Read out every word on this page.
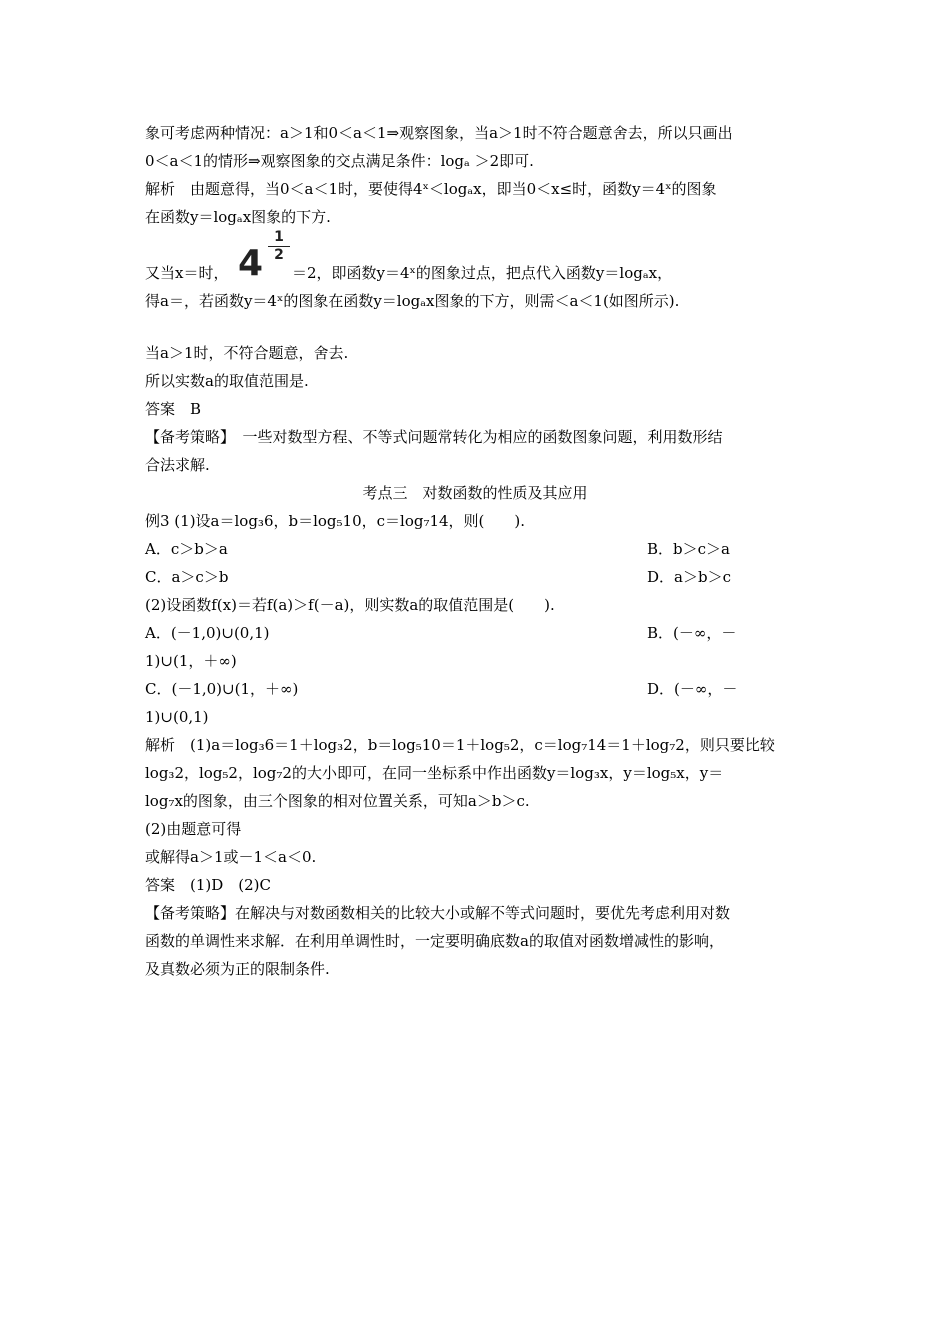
象可考虑两种情况：a＞1和0＜a＜1⇒观察图象，当a＞1时不符合题意舍去，所以只画出
0＜a＜1的情形⇒观察图象的交点满足条件：logₐ ＞2即可.
解析　由题意得，当0＜a＜1时，要使得4ˣ＜logₐx，即当0＜x≤时，函数y＝4ˣ的图象
在函数y＝logₐx图象的下方.
又当x＝时， 4
1
2
＝2，即函数y＝4ˣ的图象过点，把点代入函数y＝logₐx，
得a＝，若函数y＝4ˣ的图象在函数y＝logₐx图象的下方，则需＜a＜1(如图所示).
当a＞1时，不符合题意，舍去.
所以实数a的取值范围是.
答案　B
【备考策略】　一些对数型方程、不等式问题常转化为相应的函数图象问题，利用数形结
合法求解.
考点三　对数函数的性质及其应用
例3 (1)设a＝log₃6，b＝log₅10，c＝log₇14，则(　　).
A．c＞b＞a	B．b＞c＞a
C．a＞c＞b	D．a＞b＞c
(2)设函数f(x)＝若f(a)＞f(－a)，则实数a的取值范围是(　　).
A．(－1,0)∪(0,1)	B．(－∞，－
1)∪(1，＋∞)
C．(－1,0)∪(1，＋∞)	D．(－∞，－
1)∪(0,1)
解析　(1)a＝log₃6＝1＋log₃2，b＝log₅10＝1＋log₅2，c＝log₇14＝1＋log₇2，则只要比较
log₃2，log₅2，log₇2的大小即可，在同一坐标系中作出函数y＝log₃x，y＝log₅x，y＝
log₇x的图象，由三个图象的相对位置关系，可知a＞b＞c.
(2)由题意可得
或解得a＞1或－1＜a＜0.
答案　(1)D　(2)C
【备考策略】在解决与对数函数相关的比较大小或解不等式问题时，要优先考虑利用对数
函数的单调性来求解．在利用单调性时，一定要明确底数a的取值对函数增减性的影响，
及真数必须为正的限制条件.
